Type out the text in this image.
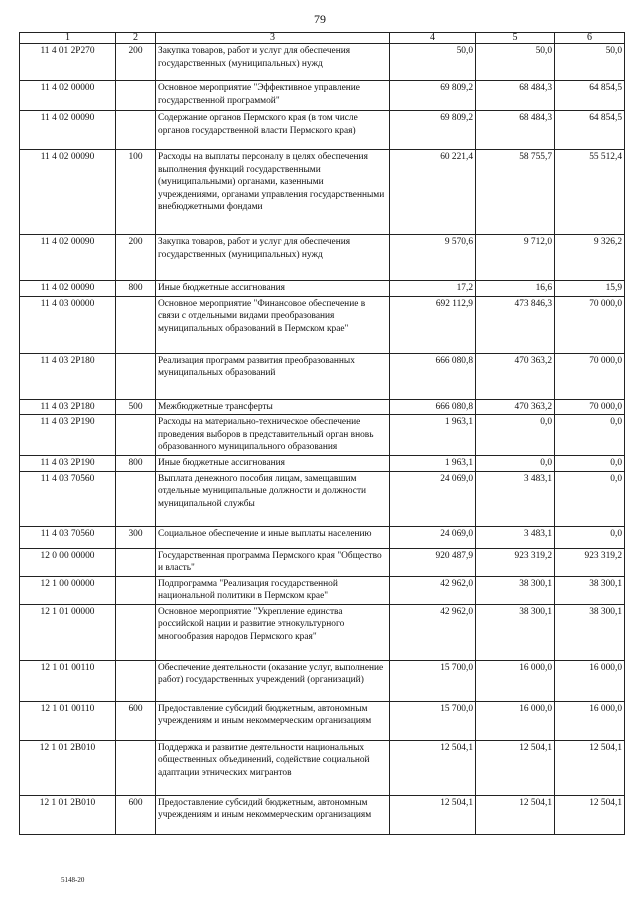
79
1	2	3	4	5	6
11 4 01 2P270	200	Закупка товаров, работ и услуг для обеспечения государственных (муниципальных) нужд	50,0	50,0	50,0
11 4 02 00000		Основное мероприятие "Эффективное управление государственной программой"	69 809,2	68 484,3	64 854,5
11 4 02 00090		Содержание органов Пермского края (в том числе органов государственной власти Пермского края)	69 809,2	68 484,3	64 854,5
11 4 02 00090	100	Расходы на выплаты персоналу в целях обеспечения выполнения функций государственными (муниципальными) органами, казенными учреждениями, органами управления государственными внебюджетными фондами	60 221,4	58 755,7	55 512,4
11 4 02 00090	200	Закупка товаров, работ и услуг для обеспечения государственных (муниципальных) нужд	9 570,6	9 712,0	9 326,2
11 4 02 00090	800	Иные бюджетные ассигнования	17,2	16,6	15,9
11 4 03 00000		Основное мероприятие "Финансовое обеспечение в связи с отдельными видами преобразования муниципальных образований в Пермском крае"	692 112,9	473 846,3	70 000,0
11 4 03 2P180		Реализация программ развития преобразованных муниципальных образований	666 080,8	470 363,2	70 000,0
11 4 03 2P180	500	Межбюджетные трансферты	666 080,8	470 363,2	70 000,0
11 4 03 2P190		Расходы на материально-техническое обеспечение проведения выборов в представительный орган вновь образованного муниципального образования	1 963,1	0,0	0,0
11 4 03 2P190	800	Иные бюджетные ассигнования	1 963,1	0,0	0,0
11 4 03 70560		Выплата денежного пособия лицам, замещавшим отдельные муниципальные должности и должности муниципальной службы	24 069,0	3 483,1	0,0
11 4 03 70560	300	Социальное обеспечение и иные выплаты населению	24 069,0	3 483,1	0,0
12 0 00 00000		Государственная программа Пермского края "Общество и власть"	920 487,9	923 319,2	923 319,2
12 1 00 00000		Подпрограмма "Реализация государственной национальной политики в Пермском крае"	42 962,0	38 300,1	38 300,1
12 1 01 00000		Основное мероприятие "Укрепление единства российской нации и развитие этнокультурного многообразия народов Пермского края"	42 962,0	38 300,1	38 300,1
12 1 01 00110		Обеспечение деятельности (оказание услуг, выполнение работ) государственных учреждений (организаций)	15 700,0	16 000,0	16 000,0
12 1 01 00110	600	Предоставление субсидий бюджетным, автономным учреждениям и иным некоммерческим организациям	15 700,0	16 000,0	16 000,0
12 1 01 2B010		Поддержка и развитие деятельности национальных общественных объединений, содействие социальной адаптации этнических мигрантов	12 504,1	12 504,1	12 504,1
12 1 01 2B010	600	Предоставление субсидий бюджетным, автономным учреждениям и иным некоммерческим организациям	12 504,1	12 504,1	12 504,1
5148-20
